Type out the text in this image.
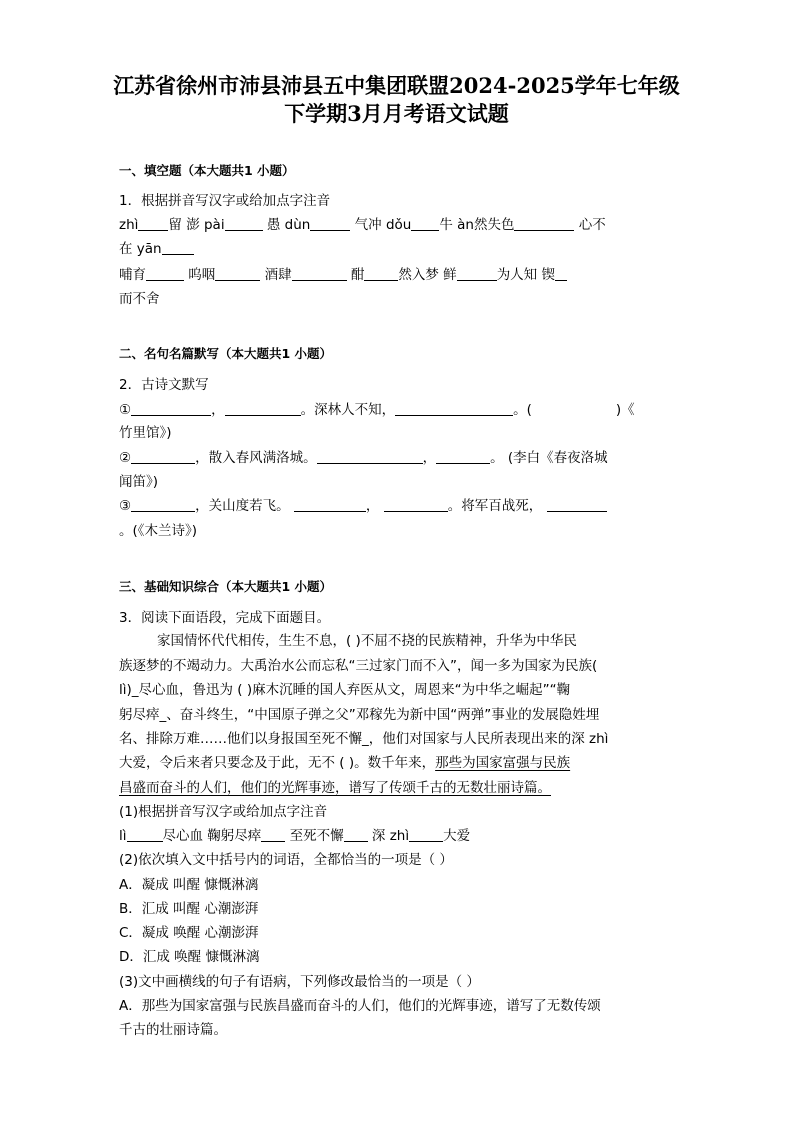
江苏省徐州市沛县沛县五中集团联盟2024-2025学年七年级
下学期3月月考语文试题
一、填空题（本大题共1 小题）
1．根据拼音写汉字或给加点字注音
zhì 留 澎 pài	愚 dùn	气冲 dǒu 牛 àn然失色	心不
在 yān
哺育	呜咽	酒肆	酣	然入梦 鲜	为人知 锲
而不舍
二、名句名篇默写（本大题共1 小题）
2．古诗文默写
①	，	。深林人不知，	。(	)《
竹里馆》)
②	，散入春风满洛城。	，	。 (李白《春夜洛城
闻笛》)
③	，关山度若飞。	，	。将军百战死，
。(《木兰诗》)
三、基础知识综合（本大题共1 小题）
3．阅读下面语段，完成下面题目。
家国情怀代代相传，生生不息，( )不屈不挠的民族精神，升华为中华民
族逐梦的不竭动力。大禹治水公而忘私“三过家门而不入”，闻一多为国家为民族(
lì)_尽心血，鲁迅为 ( )麻木沉睡的国人弃医从文，周恩来“为中华之崛起”“鞠
躬尽瘁_、奋斗终生，“中国原子弹之父”邓稼先为新中国“两弹”事业的发展隐姓埋
名、排除万难……他们以身报国至死不懈_，他们对国家与人民所表现出来的深 zhì
大爱，令后来者只要念及于此，无不 ( )。数千年来，那些为国家富强与民族
昌盛而奋斗的人们，他们的光辉事迹，谱写了传颂千古的无数壮丽诗篇。
(1)根据拼音写汉字或给加点字注音
lì	尽心血 鞠躬尽瘁 至死不懈 深 zhì	大爱
(2)依次填入文中括号内的词语，全都恰当的一项是（ ）
A．凝成 叫醒 慷慨淋漓
B．汇成 叫醒 心潮澎湃
C．凝成 唤醒 心潮澎湃
D．汇成 唤醒 慷慨淋漓
(3)文中画横线的句子有语病，下列修改最恰当的一项是（ ）
A．那些为国家富强与民族昌盛而奋斗的人们，他们的光辉事迹，谱写了无数传颂
千古的壮丽诗篇。
